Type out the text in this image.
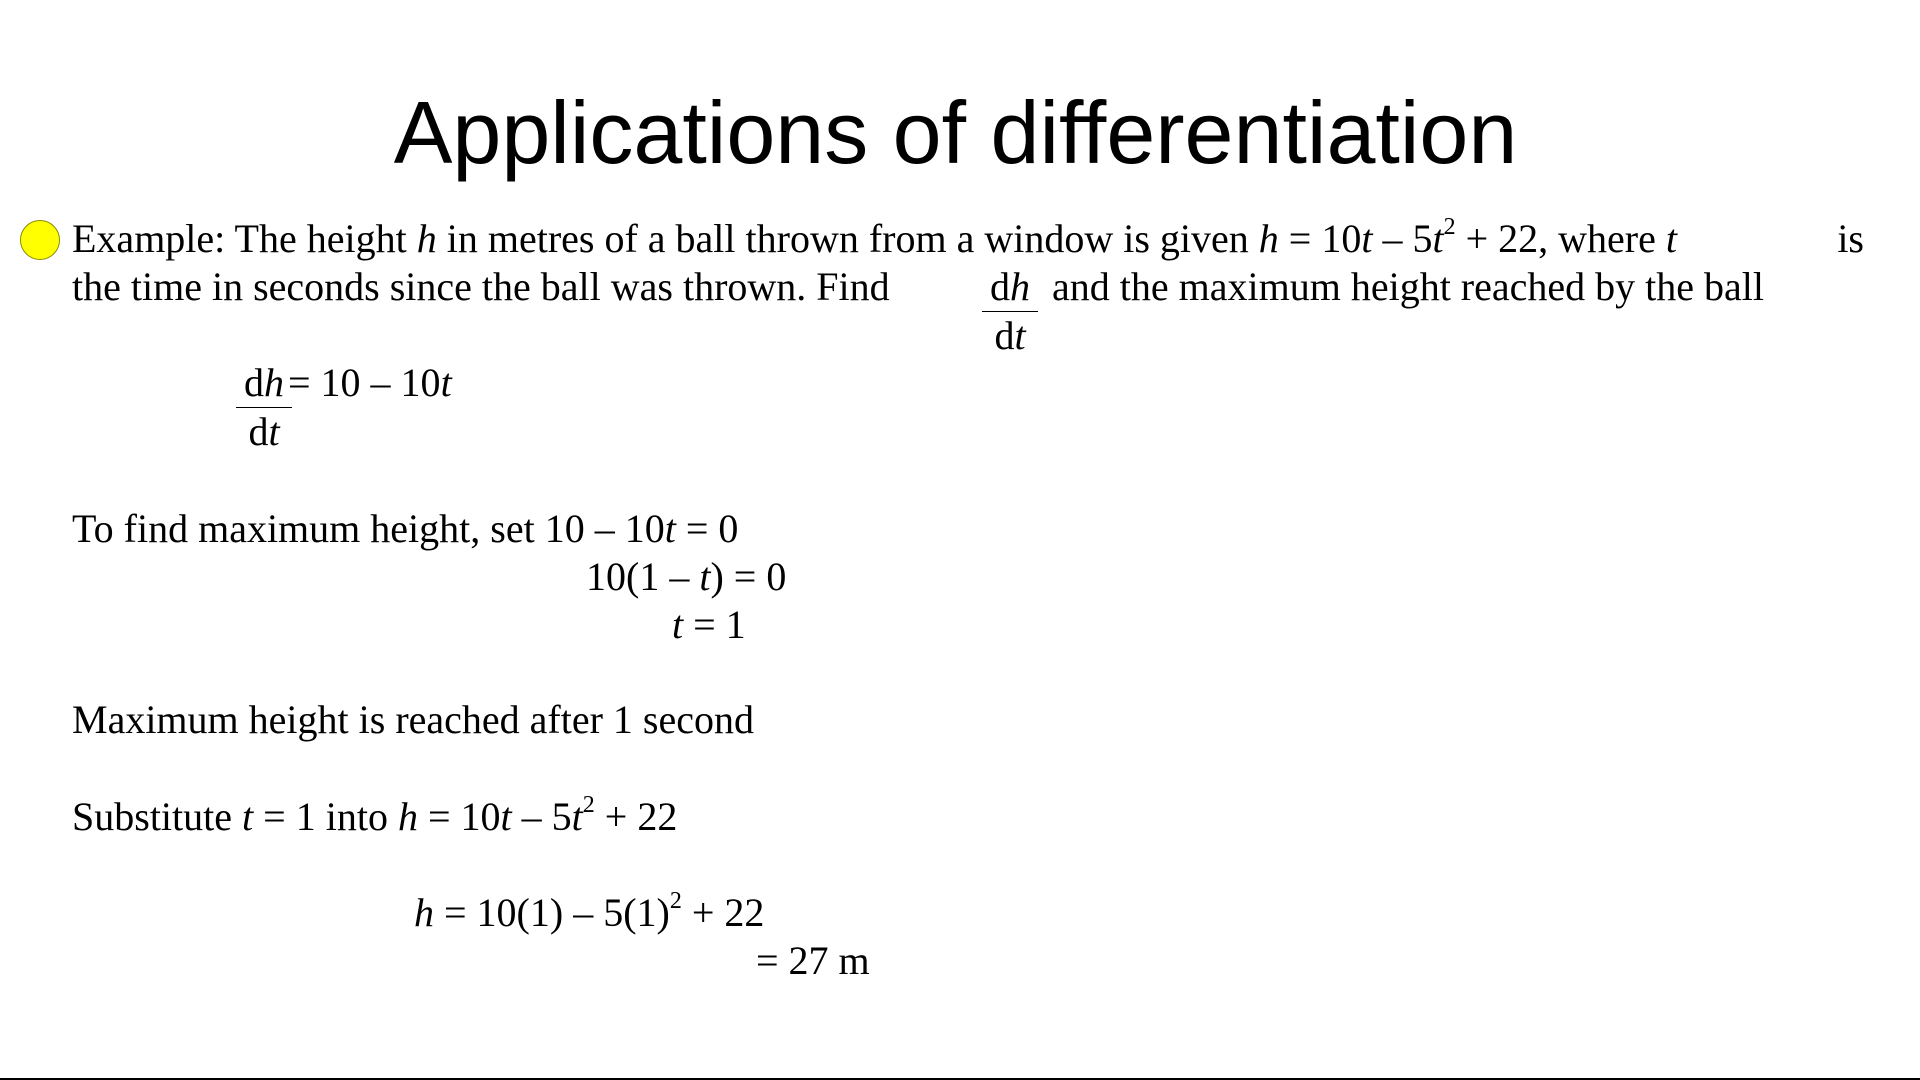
Applications of differentiation
Example: The height h in metres of a ball thrown from a window is given $h = 10t - 5t^2 + 22$, where t	is
the time in seconds since the ball was thrown. Find $\frac{dh}{dt}$ and the maximum height reached by the ball
$\frac{dh}{dt}$
= 10 – 10t
To find maximum height, set 10 – 10t = 0
10(1 – t) = 0
t = 1
Maximum height is reached after 1 second
Substitute t = 1 into $h = 10t - 5t^2 + 22$
$h = 10(1) - 5(1)^2 + 22$
= 27 m
